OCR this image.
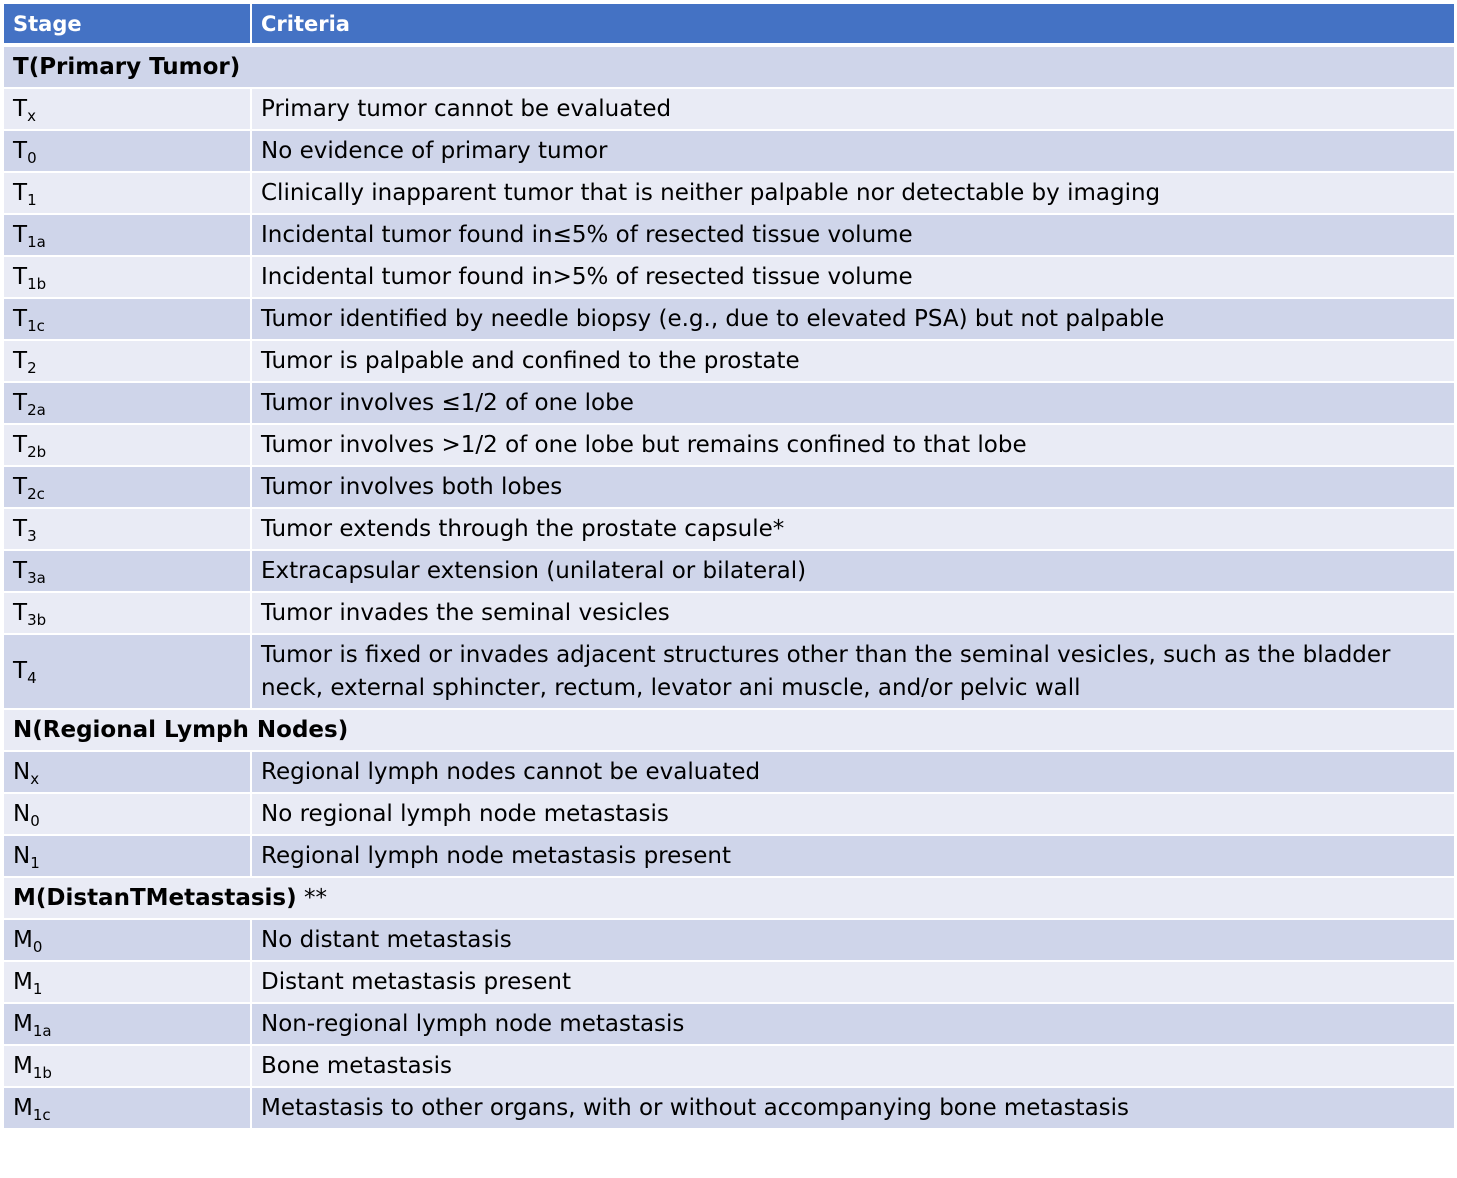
Stage	Criteria
T(Primary Tumor)	
$T_x$	Primary tumor cannot be evaluated
$T_0$	No evidence of primary tumor
$T_1$	Clinically inapparent tumor that is neither palpable nor detectable by imaging
$T_{1a}$	Incidental tumor found in≤5% of resected tissue volume
$T_{1b}$	Incidental tumor found in>5% of resected tissue volume
$T_{1c}$	Tumor identified by needle biopsy (e.g., due to elevated PSA) but not palpable
$T_2$	Tumor is palpable and confined to the prostate
$T_{2a}$	Tumor involves ≤1/2 of one lobe
$T_{2b}$	Tumor involves >1/2 of one lobe but remains confined to that lobe
$T_{2c}$	Tumor involves both lobes
$T_3$	Tumor extends through the prostate capsule*
$T_{3a}$	Extracapsular extension (unilateral or bilateral)
$T_{3b}$	Tumor invades the seminal vesicles
$T_4$	Tumor is fixed or invades adjacent structures other than the seminal vesicles, such as the bladder neck, external sphincter, rectum, levator ani muscle, and/or pelvic wall
N(Regional Lymph Nodes)	
$N_x$	Regional lymph nodes cannot be evaluated
$N_0$	No regional lymph node metastasis
$N_1$	Regional lymph node metastasis present
M(DistanTMetastasis) **	
$M_0$	No distant metastasis
$M_1$	Distant metastasis present
$M_{1a}$	Non-regional lymph node metastasis
$M_{1b}$	Bone metastasis
$M_{1c}$	Metastasis to other organs, with or without accompanying bone metastasis
